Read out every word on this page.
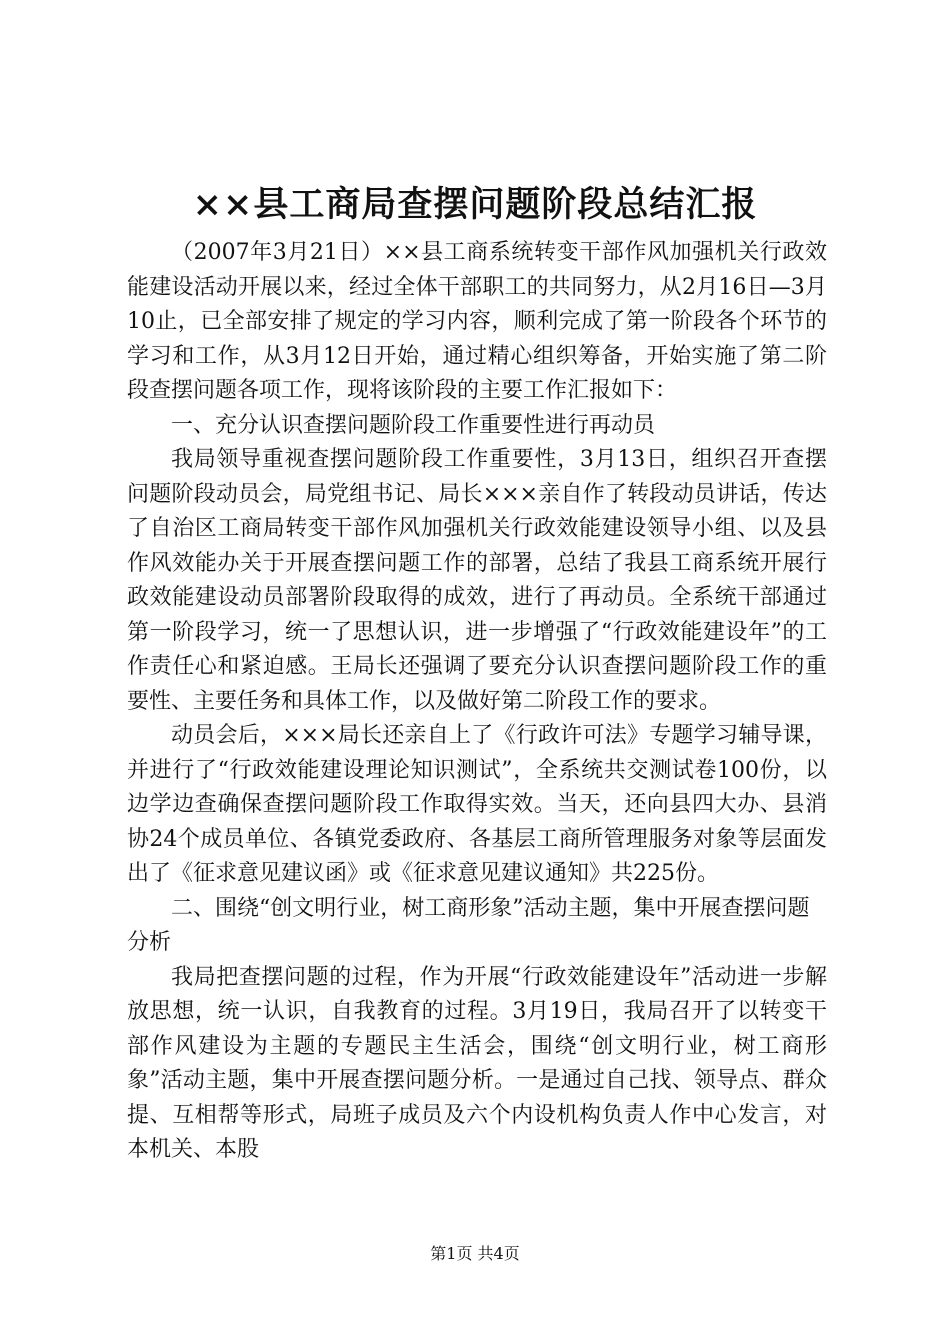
××县工商局查摆问题阶段总结汇报

（2007年3月21日）××县工商系统转变干部作风加强机关行政效能建设活动开展以来，经过全体干部职工的共同努力，从2月16日—3月10止，已全部安排了规定的学习内容，顺利完成了第一阶段各个环节的学习和工作，从3月12日开始，通过精心组织筹备，开始实施了第二阶段查摆问题各项工作，现将该阶段的主要工作汇报如下：

一、充分认识查摆问题阶段工作重要性进行再动员

我局领导重视查摆问题阶段工作重要性，3月13日，组织召开查摆问题阶段动员会，局党组书记、局长×××亲自作了转段动员讲话，传达了自治区工商局转变干部作风加强机关行政效能建设领导小组、以及县作风效能办关于开展查摆问题工作的部署，总结了我县工商系统开展行政效能建设动员部署阶段取得的成效，进行了再动员。全系统干部通过第一阶段学习，统一了思想认识，进一步增强了“行政效能建设年”的工作责任心和紧迫感。王局长还强调了要充分认识查摆问题阶段工作的重要性、主要任务和具体工作，以及做好第二阶段工作的要求。

动员会后，×××局长还亲自上了《行政许可法》专题学习辅导课，并进行了“行政效能建设理论知识测试”，全系统共交测试卷100份，以边学边查确保查摆问题阶段工作取得实效。当天，还向县四大办、县消协24个成员单位、各镇党委政府、各基层工商所管理服务对象等层面发出了《征求意见建议函》或《征求意见建议通知》共225份。

二、围绕“创文明行业，树工商形象”活动主题，集中开展查摆问题分析

我局把查摆问题的过程，作为开展“行政效能建设年”活动进一步解放思想，统一认识，自我教育的过程。3月19日，我局召开了以转变干部作风建设为主题的专题民主生活会，围绕“创文明行业，树工商形象”活动主题，集中开展查摆问题分析。一是通过自己找、领导点、群众提、互相帮等形式，局班子成员及六个内设机构负责人作中心发言，对本机关、本股

第1页 共4页
